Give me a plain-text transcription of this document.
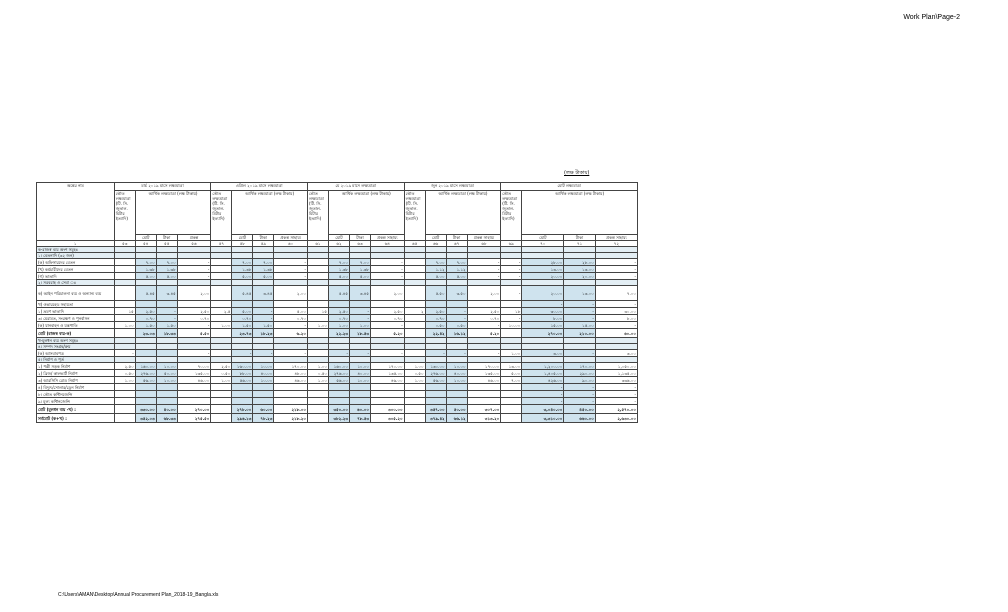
Work Plan\Page-2
(লক্ষ টাকায়)
অঙ্কের নাম	মার্চ ২০১৯ মাসে লক্ষ্যমাত্রা				এপ্রিল ২০১৯ মাসে লক্ষ্যমাত্রা				মে ২০১৯ মাসে লক্ষ্যমাত্রা				জুন ২০১৯ মাসে লক্ষ্যমাত্রা				মোট লক্ষ্যমাত্রা			
	ভৌত লক্ষ্যমাত্রা (টি. সি. জুতাল. মিটার ইত্যাদি)	আর্থিক লক্ষ্যমাত্রা (লক্ষ টাকায়)			ভৌত লক্ষ্যমাত্রা (টি. সি. জুতাল. মিটার ইত্যাদি)	আর্থিক লক্ষ্যমাত্রা (লক্ষ টাকায়)			ভৌত লক্ষ্যমাত্রা (টি. সি. জুতাল. মিটার ইত্যাদি)	আর্থিক লক্ষ্যমাত্রা (লক্ষ টাকায়)			ভৌত লক্ষ্যমাত্রা (টি. সি. জুতাল. মিটার ইত্যাদি)	আর্থিক লক্ষ্যমাত্রা (লক্ষ টাকায়)			ভৌত লক্ষ্যমাত্রা (টি. সি. জুতাল. মিটার ইত্যাদি)	আর্থিক লক্ষ্যমাত্রা (লক্ষ টাকায়)		
		মোট	টাকা	প্রকল্প		মোট	টাকা	প্রকল্প সাহায্য		মোট	টাকা	প্রকল্প সাহায্য		মোট	টাকা	প্রকল্প সাহায্য		মোট	টাকা	প্রকল্প সাহায্য
১	৫৩	৫৪	৫৫	৫৬	৫৭	৫৮	৫৯	৬০	৬১	৬২	৬৩	৬৪	৬৫	৬৬	৬৭	৬৮	৬৯	৭০	৭১	৭২
ক-রাজস্ব ব্যয় অংশ সমূহঃ																				
১। বেতনাদি (৩২ জন)																				
(ক) অফিসারদের বেতন		৭.০০	৭.০০	-		৭.০০	৭.০০	-		৭.০০	৭.০০	-		৭.০০	৭.০০	-	-	২৮.০০	২৮.০০	-
(খ) কর্মচারীদের বেতন		১.৩৮	১.৩৮	-		১.৩৮	১.৩৮	-		১.৩৮	১.৩৮	-		১.১২	১.১২	-	-	১৩.০০	১৩.০০	-
(গ) ভাতাদি		৫.০০	৫.০০	-		৫.০০	৫.০০	-		৫.০০	৫.০০	-		৫.০০	৫.০০	-	-	২০.০০	২০.০০	-
২। সরবরাহ ও সেবা ঃ																				
ক) আইন পরিচালনা ব্যয় ও অন্যান্য ব্যয়		৫.৪৫	৩.৪৫	২.০০		৫.৪৫	৩.৪৫	২.০০		৫.৪৫	৩.৪৫	২.০০		৫.৫০	৩.৫০	২.০০	-	২০.০০	১৩.০০	৭.০০
খ) ওভারহেড সহায়তা																		-	-	-
১) ভ্রমণ ভাতাদি	১৫	২.৫০	-	২.৫০	২.৫	৫.০০	-	৫.০০	১৫	২.৫০	-	২.৫০	২	২.৫০	-	২.৫০	১৮	৩০.০০	-	৩০.০০
৩। মেরামত, সংরক্ষণ ও পুনর্বাসন		০.৭০	-	০.৭০		০.৭০	-	০.৭০		০.৭০	-	০.৭০		০.৭০	-	০.৭০	-	৮.০০	-	৮.০০
(ক) যানবাহন ও যন্ত্রপাতি	১.০০	১.৫০	১.৫০	-	১.০০	১.৫০	১.৫০	-	১.০০	১.০০	১.০০	-		০.৫০	০.৫০	-	১০.০০	১৫.০০	১৫.০০	-
মোট (রাজস্ব ব্যয়-ক)		২৩.০৩	১৮.৩৩	৫.৫০		২৩.৭৩	১৮.২৩	৬.২০		২২.২৩	১৮.৫৩	৫.২০		২২.৪২	১৬.১২	৫.২০		২৭০.০০	২১০.০০	৬০.০০
খ-মূলধন ব্যয় অংশ সমূহঃ																				
৪। সম্পদ সংগ্রহ/ক্রয়																				
(ক) আসবাবপত্র	-			-		-	-	-		-	-	-		-	-	-	১.০০	৩.০০	-	৩.০০
৫। নির্মাণ ও পূর্ত																				
১) পল্লী সড়ক নির্মাণ	২.৫০	১৬০.০০	১০.০০	৭০.০০	২.৫০	১৬০.০০	১০.০০	১৭০.০০	১.০০	১৬০.০০	১০.০০	১৭০.০০	১.০০	১৩০.০০	১০.০০	১৭০.০০	১৩.০০	১,২০০.০০	১৭০.০০	১,০৫০.০০
২) ব্রিজ/ কালভার্ট নির্মাণ	০.৫০	২৭৬.০০	৫০.০০	১৩৫.০০	০.৫০	৮৮.০০	৪০.০০	৪৮.০০	০.৫০	২৭৬.০০	৪০.০০	১৩৫.০০	০.৫০	২৭৬.০০	৪০.০০	১৩৫.০০	৫.০০	১,৪০৫.০০	২৯০.০০	১,১৩৫.০০
৩) আরসিসি রোড নির্মাণ	১.০০	৫৬.০০	১০.০০	৪৬.০০	১.০০	৫৬.০০	১০.০০	৪৬.০০	১.০০	৫৬.০০	১০.০০	৪৬.০০	১.০০	৫৬.০০	১০.০০	৪৬.০০	৭.০০	৪২৬.০০	৯০.০০	৩৩৬.০০
৪) বিদ্যুৎ/সোলার/ড্রেন নির্মাণ																		-	-	-
৮। ভৌত কন্টিনজেন্সি																		-	-	-
৯। মূল্য কন্টিনজেন্সি																		-	-	-
মোট (মূলধন ব্যয় -খ) :		৩৩০.০০	৪০.০০	২৭০.০০		২৭৮.০০	৬০.০০	২১৮.০০		৩৫০.০০	৬০.০০	৩০০.০০		৩৫৭.০০	৫০.০০	৩০৭.০০		৩,০৪০.০০	৪৫০.০০	২,৫৭০.০০
সর্বমোট (ক+খ) :		৩৫২.০৩	৬৮.৩৩	২৭৫.৫০		২৯৬.১৩	৭৮.২৩	২১৮.২০		৩৮২.২৩	৭৮.৫৩	৩০৫.২০		৩৭৯.৪২	৬৬.১২	৩১৩.২০		৩,৩১০.০০	৬৬০.০০	২,৬৩০.০০
C:\Users\AMAN\Desktop\Annual Procurement Plan_2018-19_Bangla.xls
